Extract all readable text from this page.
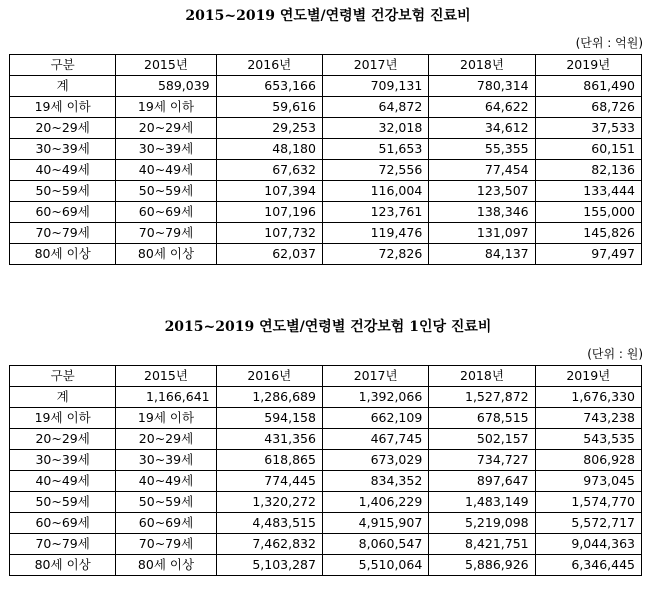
2015~2019 연도별/연령별 건강보험 진료비
(단위 : 억원)
구분	2015년	2016년	2017년	2018년	2019년
계	589,039	653,166	709,131	780,314	861,490
19세 이하	19세 이하	59,616	64,872	64,622	68,726
20~29세	20~29세	29,253	32,018	34,612	37,533
30~39세	30~39세	48,180	51,653	55,355	60,151
40~49세	40~49세	67,632	72,556	77,454	82,136
50~59세	50~59세	107,394	116,004	123,507	133,444
60~69세	60~69세	107,196	123,761	138,346	155,000
70~79세	70~79세	107,732	119,476	131,097	145,826
80세 이상	80세 이상	62,037	72,826	84,137	97,497
2015~2019 연도별/연령별 건강보험 1인당 진료비
(단위 : 원)
구분	2015년	2016년	2017년	2018년	2019년
계	1,166,641	1,286,689	1,392,066	1,527,872	1,676,330
19세 이하	19세 이하	594,158	662,109	678,515	743,238
20~29세	20~29세	431,356	467,745	502,157	543,535
30~39세	30~39세	618,865	673,029	734,727	806,928
40~49세	40~49세	774,445	834,352	897,647	973,045
50~59세	50~59세	1,320,272	1,406,229	1,483,149	1,574,770
60~69세	60~69세	4,483,515	4,915,907	5,219,098	5,572,717
70~79세	70~79세	7,462,832	8,060,547	8,421,751	9,044,363
80세 이상	80세 이상	5,103,287	5,510,064	5,886,926	6,346,445
